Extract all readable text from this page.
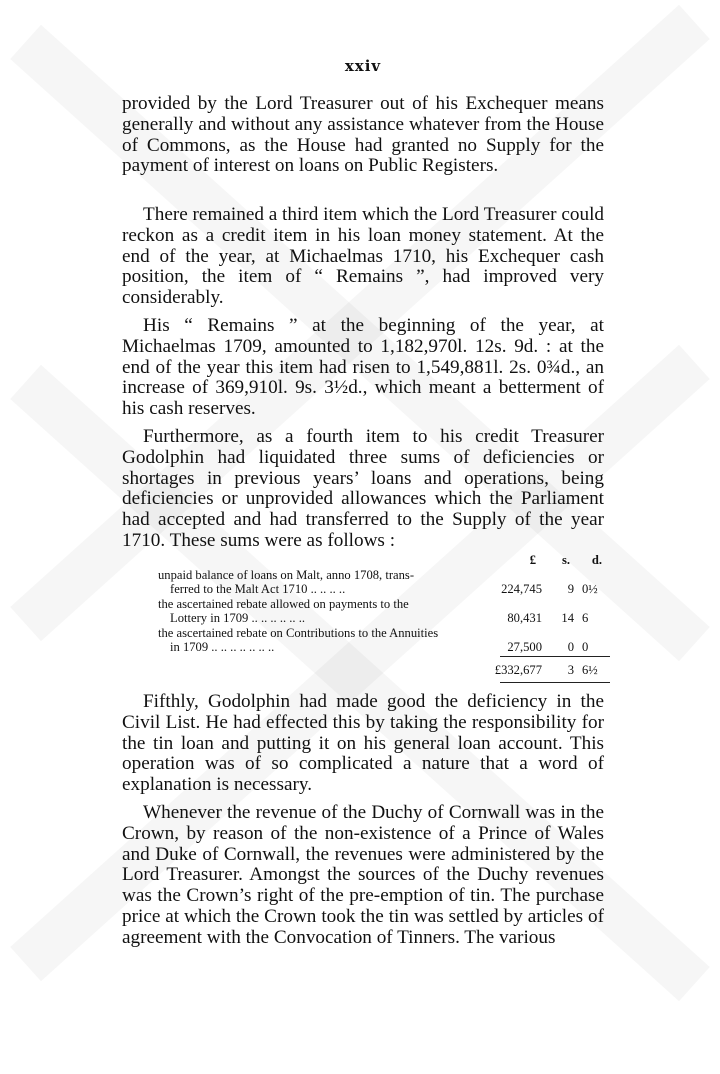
xxiv

provided by the Lord Treasurer out of his Exchequer means generally and without any assistance whatever from the House of Commons, as the House had granted no Supply for the payment of interest on loans on Public Registers.

There remained a third item which the Lord Treasurer could reckon as a credit item in his loan money statement. At the end of the year, at Michaelmas 1710, his Exchequer cash position, the item of “ Remains ”, had improved very considerably.

His “ Remains ” at the beginning of the year, at Michaelmas 1709, amounted to 1,182,970l. 12s. 9d. : at the end of the year this item had risen to 1,549,881l. 2s. 0¾d., an increase of 369,910l. 9s. 3½d., which meant a betterment of his cash reserves.

Furthermore, as a fourth item to his credit Treasurer Godolphin had liquidated three sums of deficiencies or shortages in previous years’ loans and operations, being deficiencies or unprovided allowances which the Parliament had accepted and had transferred to the Supply of the year 1710. These sums were as follows :

£ s. d.
unpaid balance of loans on Malt, anno 1708, trans-
ferred to the Malt Act 1710 .. .. .. ..	224,745	9 0½
the ascertained rebate allowed on payments to the
Lottery in 1709 .. .. .. .. .. ..	80,431	14 6
the ascertained rebate on Contributions to the Annuities
in 1709 .. .. .. .. .. .. ..	27,500	0 0
£332,677	3 6½

Fifthly, Godolphin had made good the deficiency in the Civil List. He had effected this by taking the responsibility for the tin loan and putting it on his general loan account. This operation was of so complicated a nature that a word of explanation is necessary.

Whenever the revenue of the Duchy of Cornwall was in the Crown, by reason of the non-existence of a Prince of Wales and Duke of Cornwall, the revenues were administered by the Lord Treasurer. Amongst the sources of the Duchy revenues was the Crown’s right of the pre-emption of tin. The purchase price at which the Crown took the tin was settled by articles of agreement with the Convocation of Tinners. The various
